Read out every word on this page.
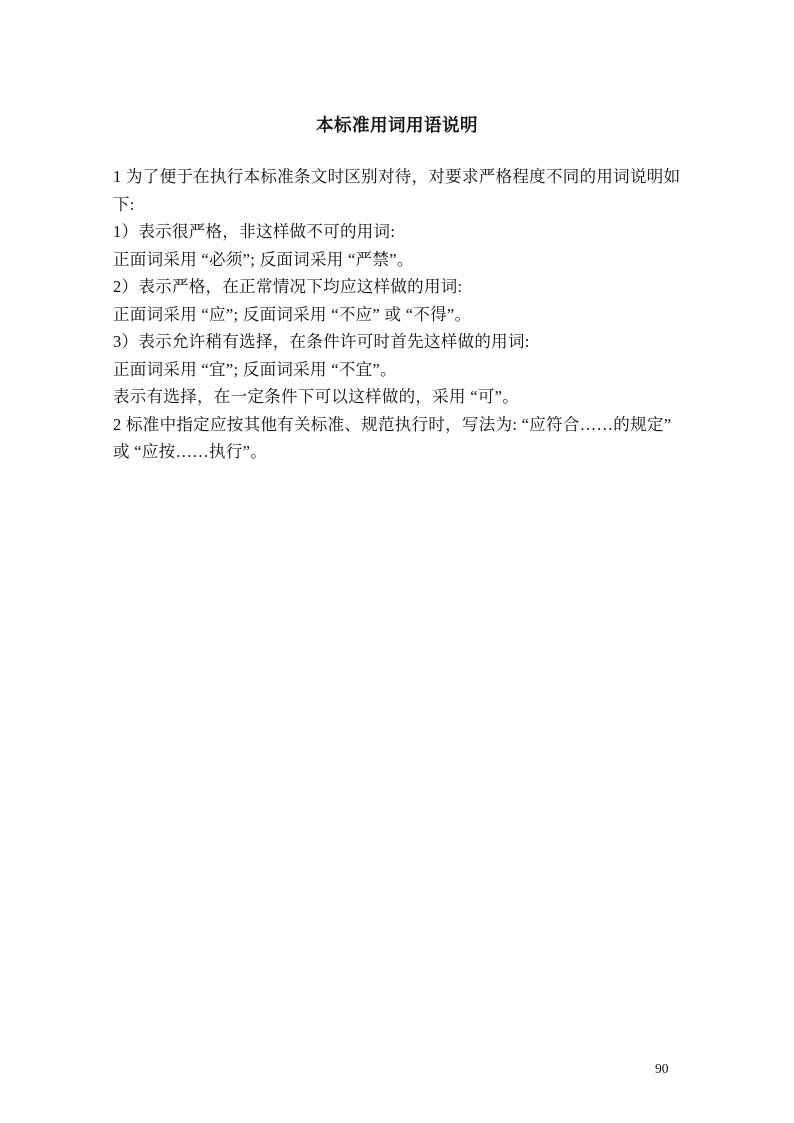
本标准用词用语说明
1 为了便于在执行本标准条文时区别对待，对要求严格程度不同的用词说明如
下:
1）表示很严格，非这样做不可的用词:
正面词采用 “必须”; 反面词采用 “严禁”。
2）表示严格，在正常情况下均应这样做的用词:
正面词采用 “应”; 反面词采用 “不应” 或 “不得”。
3）表示允许稍有选择，在条件许可时首先这样做的用词:
正面词采用 “宜”; 反面词采用 “不宜”。
表示有选择，在一定条件下可以这样做的，采用 “可”。
2 标准中指定应按其他有关标准、规范执行时，写法为: “应符合……的规定”
或 “应按……执行”。
90
